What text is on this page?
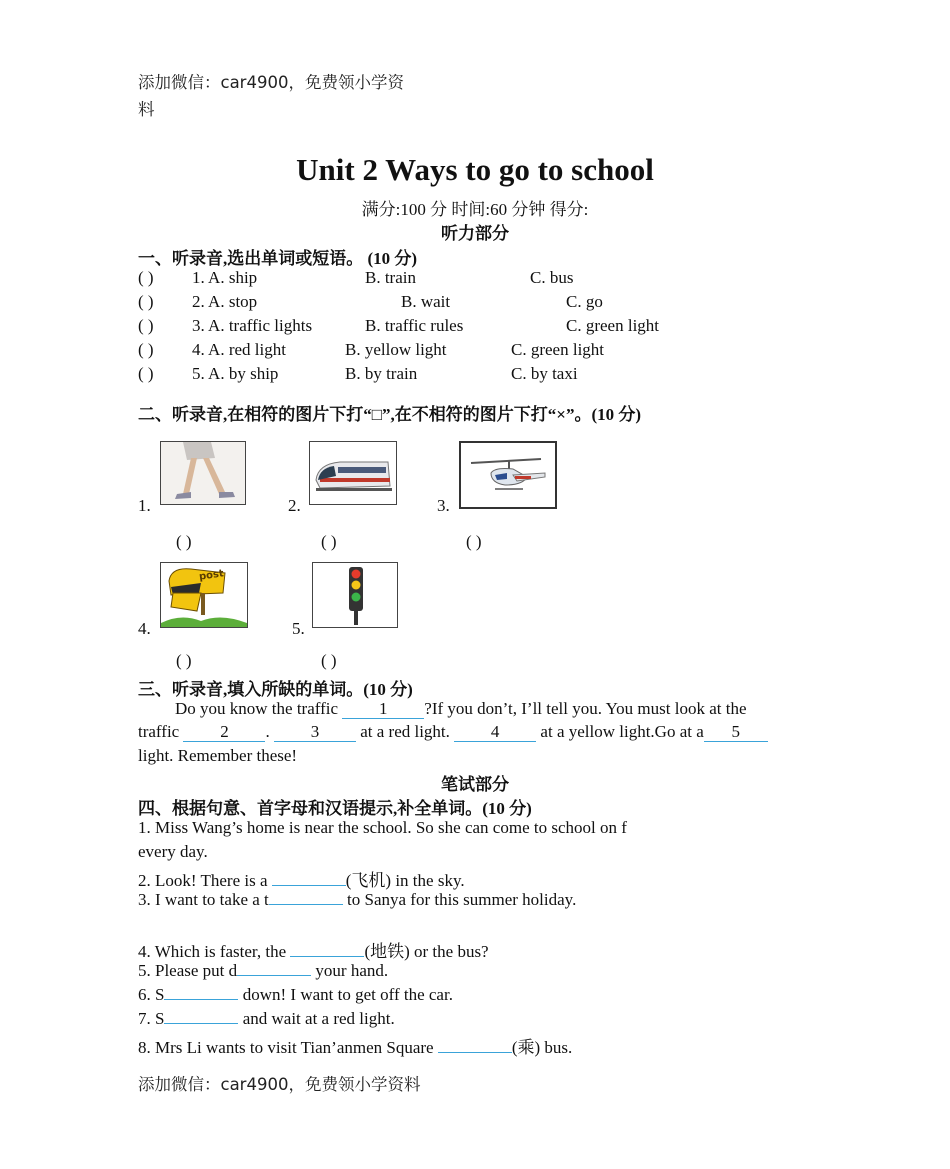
添加微信：car4900，免费领小学资
料
Unit 2 Ways to go to school
满分:100 分 时间:60 分钟 得分:
听力部分
一、听录音,选出单词或短语。 (10 分)
( ) 1. A. ship	B. train	C. bus
( ) 2. A. stop	B. wait	C. go
( ) 3. A. traffic lights	B. traffic rules	C. green light
( ) 4. A. red light	B. yellow light	C. green light
( ) 5. A. by ship	B. by train	C. by taxi
二、听录音,在相符的图片下打“□”,在不相符的图片下打“×”。(10 分)
1.	2.	3.
( )	( )	( )
post
4.	5.
( )	( )
三、听录音,填入所缺的单词。(10 分)
Do you know the traffic 1 ?If you don’t, I’ll tell you. You must look at the
traffic 2 . 3 at a red light. 4 at a yellow light.Go at a 5
light. Remember these!
笔试部分
四、根据句意、首字母和汉语提示,补全单词。(10 分)
1. Miss Wang’s home is near the school. So she can come to school on f
every day.
2. Look! There is a	(飞机) in the sky.
3. I want to take a t	to Sanya for this summer holiday.
4. Which is faster, the	(地铁) or the bus?
5. Please put d	your hand.
6. S	down! I want to get off the car.
7. S	and wait at a red light.
8. Mrs Li wants to visit Tian’anmen Square	(乘) bus.
添加微信：car4900，免费领小学资料
